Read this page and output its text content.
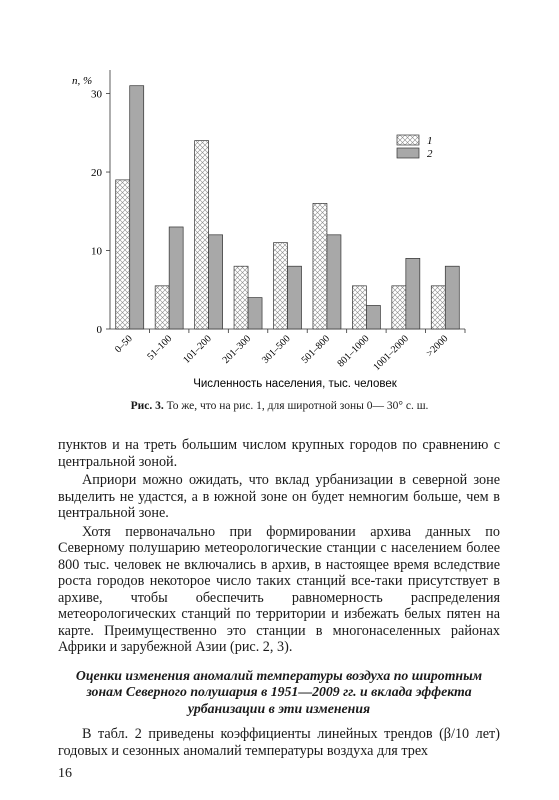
0
10
20
30
0–50 51–100 101–200 201–300 301–500 501–800 801–1000 1001–2000 >2000
1
2
n, %
Численность населения, тыс. человек
Рис. 3. То же, что на рис. 1, для широтной зоны 0— 30° с. ш.

пунктов и на треть большим числом крупных городов по сравнению с центральной зоной.

Априори можно ожидать, что вклад урбанизации в северной зоне выделить не удастся, а в южной зоне он будет немногим больше, чем в центральной зоне.

Хотя первоначально при формировании архива данных по Северному полушарию метеорологические станции с населением более 800 тыс. человек не включались в архив, в настоящее время вследствие роста городов некоторое число таких станций все-таки присутствует в архиве, чтобы обеспечить равномерность распределения метеорологических станций по территории и избежать белых пятен на карте. Преимущественно это станции в многонаселенных районах Африки и зарубежной Азии (рис. 2, 3).

Оценки изменения аномалий температуры воздуха по широтным зонам Северного полушария в 1951—2009 гг. и вклада эффекта урбанизации в эти изменения

В табл. 2 приведены коэффициенты линейных трендов (β/10 лет) годовых и сезонных аномалий температуры воздуха для трех

16
